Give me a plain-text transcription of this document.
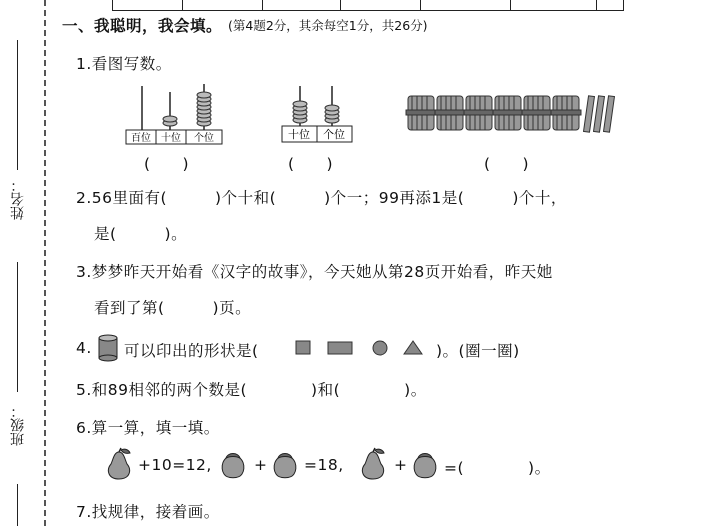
姓名：
班级：
一、我聪明，我会填。 (第4题2分，其余每空1分，共26分)
1.看图写数。
百位 十位 个位
(　　)
十位 个位
(　　)	(　　)
2.56里面有(　　　)个十和(　　　)个一；99再添1是(　　　)个十，
是(　　　)。
3.梦梦昨天开始看《汉字的故事》，今天她从第28页开始看，昨天她
看到了第(　　　)页。
4. 可以印出的形状是(	)。(圈一圈)
5.和89相邻的两个数是(　　　　)和(　　　　)。
6.算一算，填一填。
+10=12,	+ =18,	+ =(　　　　)。
7.找规律，接着画。
